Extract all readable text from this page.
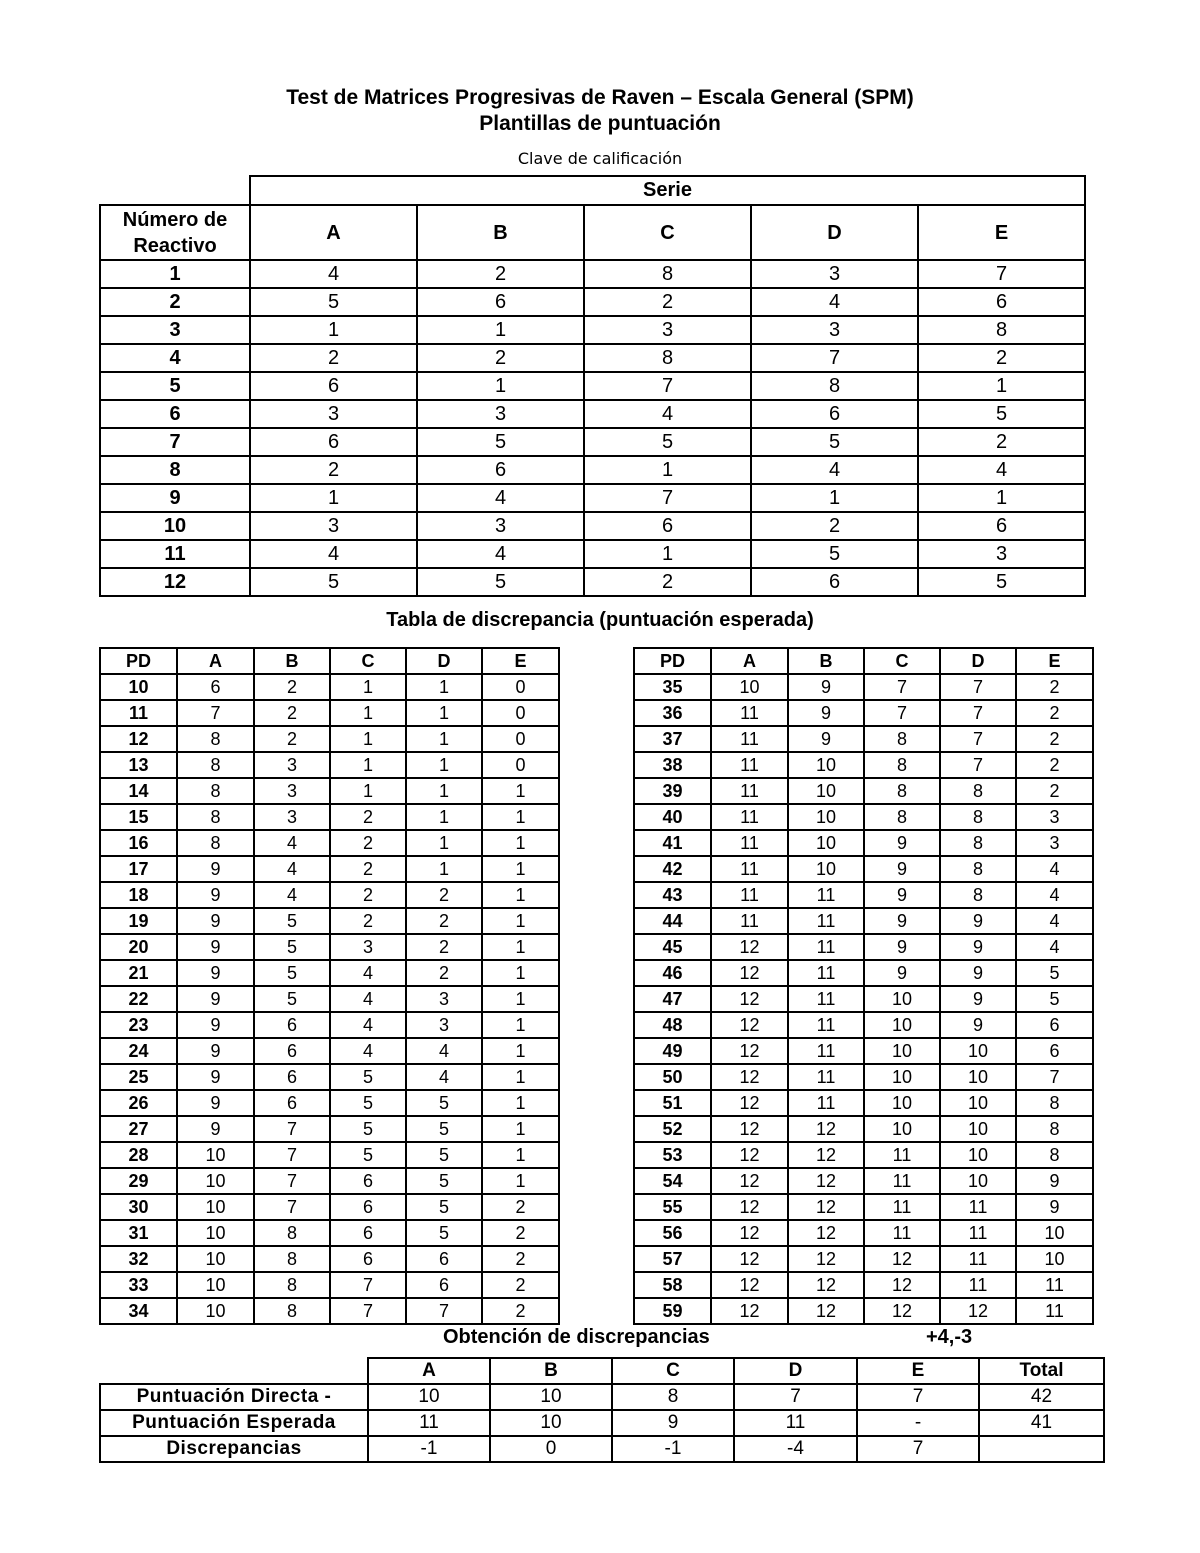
Test de Matrices Progresivas de Raven – Escala General (SPM)
Plantillas de puntuación
Clave de calificación
	Serie				

Número de
Reactivo	A	B	C	D	E
1	4	2	8	3	7
2	5	6	2	4	6
3	1	1	3	3	8
4	2	2	8	7	2
5	6	1	7	8	1
6	3	3	4	6	5
7	6	5	5	5	2
8	2	6	1	4	4
9	1	4	7	1	1
10	3	3	6	2	6
11	4	4	1	5	3
12	5	5	2	6	5
Tabla de discrepancia (puntuación esperada)
PD	A	B	C	D	E
10	6	2	1	1	0
11	7	2	1	1	0
12	8	2	1	1	0
13	8	3	1	1	0
14	8	3	1	1	1
15	8	3	2	1	1
16	8	4	2	1	1
17	9	4	2	1	1
18	9	4	2	2	1
19	9	5	2	2	1
20	9	5	3	2	1
21	9	5	4	2	1
22	9	5	4	3	1
23	9	6	4	3	1
24	9	6	4	4	1
25	9	6	5	4	1
26	9	6	5	5	1
27	9	7	5	5	1
28	10	7	5	5	1
29	10	7	6	5	1
30	10	7	6	5	2
31	10	8	6	5	2
32	10	8	6	6	2
33	10	8	7	6	2
34	10	8	7	7	2
PD	A	B	C	D	E
35	10	9	7	7	2
36	11	9	7	7	2
37	11	9	8	7	2
38	11	10	8	7	2
39	11	10	8	8	2
40	11	10	8	8	3
41	11	10	9	8	3
42	11	10	9	8	4
43	11	11	9	8	4
44	11	11	9	9	4
45	12	11	9	9	4
46	12	11	9	9	5
47	12	11	10	9	5
48	12	11	10	9	6
49	12	11	10	10	6
50	12	11	10	10	7
51	12	11	10	10	8
52	12	12	10	10	8
53	12	12	11	10	8
54	12	12	11	10	9
55	12	12	11	11	9
56	12	12	11	11	10
57	12	12	12	11	10
58	12	12	12	11	11
59	12	12	12	12	11
Obtención de discrepancias	+4,-3
	A	B	C	D	E	Total
Puntuación Directa -	10	10	8	7	7	42
Puntuación Esperada	11	10	9	11	-	41
Discrepancias	-1	0	-1	-4	7	
